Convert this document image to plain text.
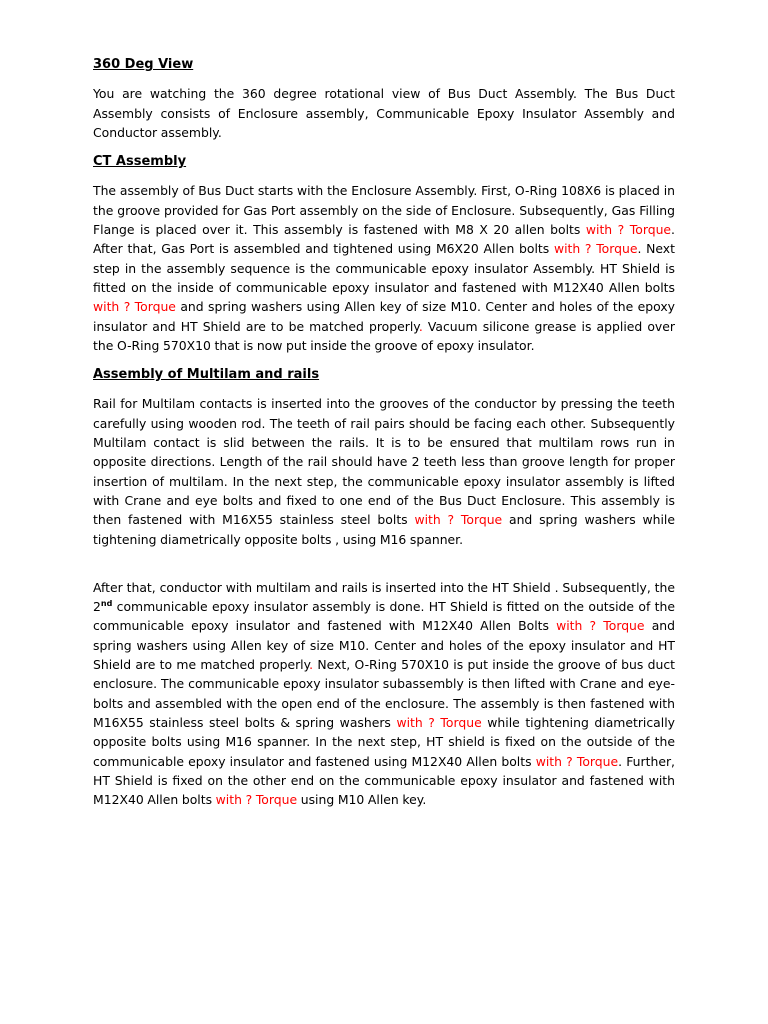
360 Deg View

You are watching the 360 degree rotational view of Bus Duct Assembly. The Bus Duct Assembly consists of Enclosure assembly, Communicable Epoxy Insulator Assembly and Conductor assembly.

CT Assembly

The assembly of Bus Duct starts with the Enclosure Assembly. First, O-Ring 108X6 is placed in the groove provided for Gas Port assembly on the side of Enclosure. Subsequently, Gas Filling Flange is placed over it. This assembly is fastened with M8 X 20 allen bolts with ? Torque. After that, Gas Port is assembled and tightened using M6X20 Allen bolts with ? Torque. Next step in the assembly sequence is the communicable epoxy insulator Assembly. HT Shield is fitted on the inside of communicable epoxy insulator and fastened with M12X40 Allen bolts with ? Torque and spring washers using Allen key of size M10. Center and holes of the epoxy insulator and HT Shield are to be matched properly. Vacuum silicone grease is applied over the O-Ring 570X10 that is now put inside the groove of epoxy insulator.

Assembly of Multilam and rails

Rail for Multilam contacts is inserted into the grooves of the conductor by pressing the teeth carefully using wooden rod. The teeth of rail pairs should be facing each other. Subsequently Multilam contact is slid between the rails. It is to be ensured that multilam rows run in opposite directions. Length of the rail should have 2 teeth less than groove length for proper insertion of multilam. In the next step, the communicable epoxy insulator assembly is lifted with Crane and eye bolts and fixed to one end of the Bus Duct Enclosure. This assembly is then fastened with M16X55 stainless steel bolts with ? Torque and spring washers while tightening diametrically opposite bolts , using M16 spanner.

After that, conductor with multilam and rails is inserted into the HT Shield . Subsequently, the 2nd communicable epoxy insulator assembly is done. HT Shield is fitted on the outside of the communicable epoxy insulator and fastened with M12X40 Allen Bolts with ? Torque and spring washers using Allen key of size M10. Center and holes of the epoxy insulator and HT Shield are to me matched properly. Next, O-Ring 570X10 is put inside the groove of bus duct enclosure. The communicable epoxy insulator subassembly is then lifted with Crane and eye-bolts and assembled with the open end of the enclosure. The assembly is then fastened with M16X55 stainless steel bolts & spring washers with ? Torque while tightening diametrically opposite bolts using M16 spanner. In the next step, HT shield is fixed on the outside of the communicable epoxy insulator and fastened using M12X40 Allen bolts with ? Torque. Further, HT Shield is fixed on the other end on the communicable epoxy insulator and fastened with M12X40 Allen bolts with ? Torque using M10 Allen key.
